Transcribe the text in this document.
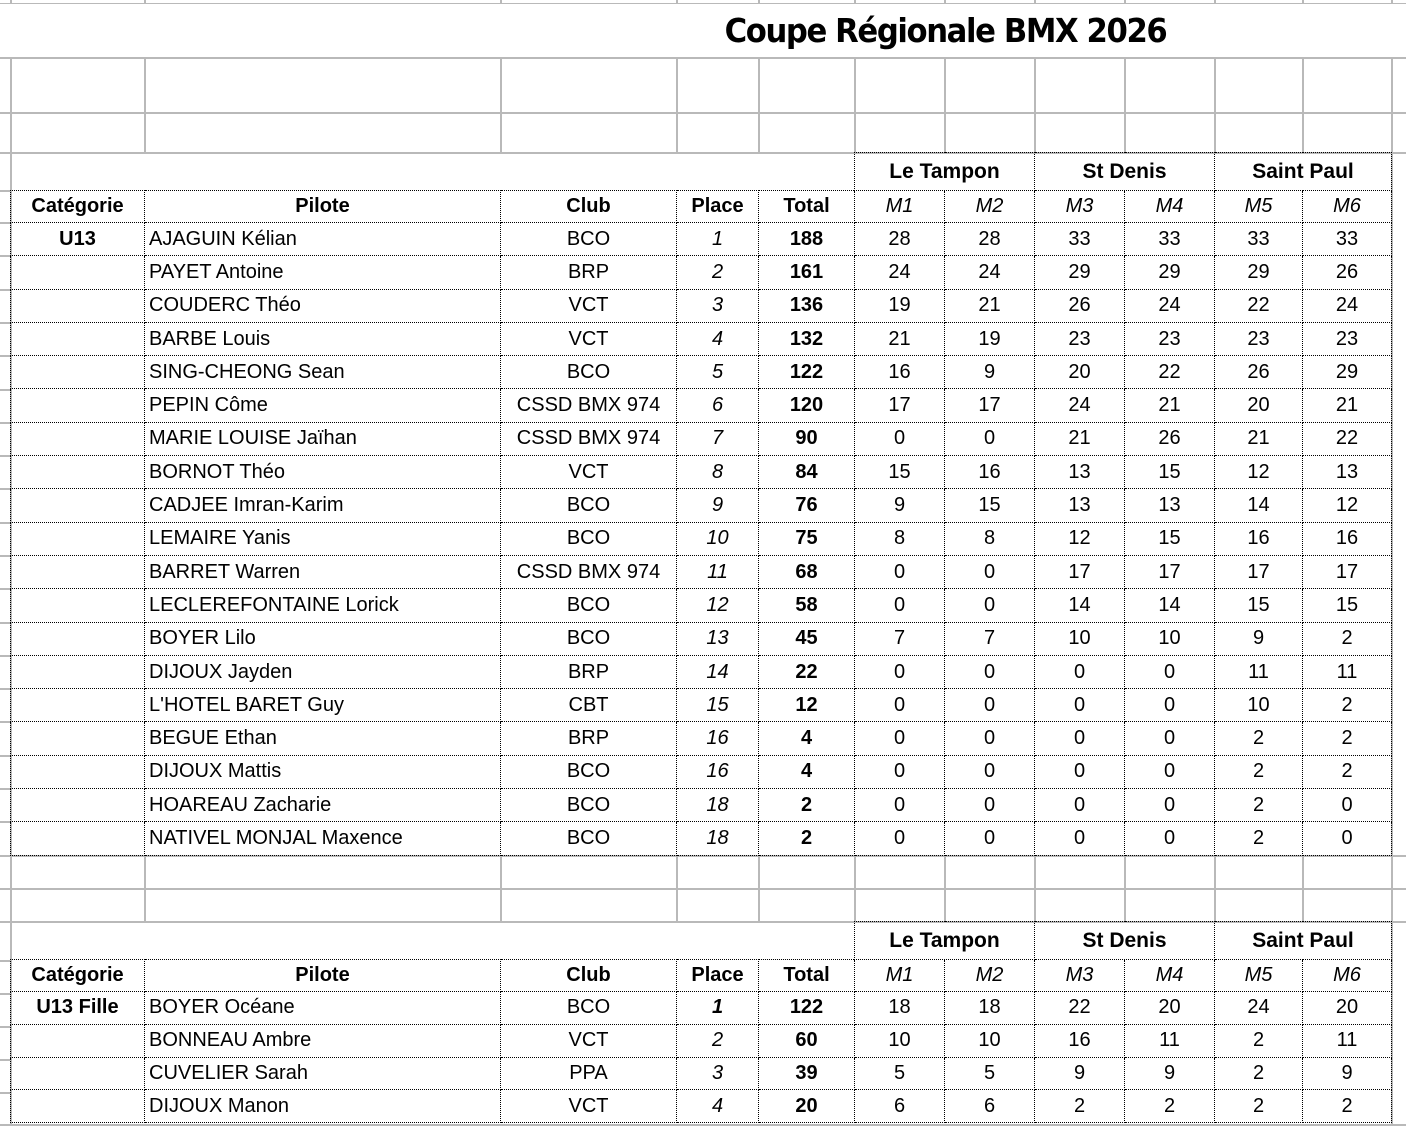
Coupe Régionale BMX 2026
					Le Tampon		St Denis		Saint Paul	
Catégorie	Pilote	Club	Place	Total	M1	M2	M3	M4	M5	M6
U13	AJAGUIN Kélian	BCO	1	188	28	28	33	33	33	33
	PAYET Antoine	BRP	2	161	24	24	29	29	29	26
	COUDERC Théo	VCT	3	136	19	21	26	24	22	24
	BARBE Louis	VCT	4	132	21	19	23	23	23	23
	SING-CHEONG Sean	BCO	5	122	16	9	20	22	26	29
	PEPIN Côme	CSSD BMX 974	6	120	17	17	24	21	20	21
	MARIE LOUISE Jaïhan	CSSD BMX 974	7	90	0	0	21	26	21	22
	BORNOT Théo	VCT	8	84	15	16	13	15	12	13
	CADJEE Imran-Karim	BCO	9	76	9	15	13	13	14	12
	LEMAIRE Yanis	BCO	10	75	8	8	12	15	16	16
	BARRET Warren	CSSD BMX 974	11	68	0	0	17	17	17	17
	LECLEREFONTAINE Lorick	BCO	12	58	0	0	14	14	15	15
	BOYER Lilo	BCO	13	45	7	7	10	10	9	2
	DIJOUX Jayden	BRP	14	22	0	0	0	0	11	11
	L'HOTEL BARET Guy	CBT	15	12	0	0	0	0	10	2
	BEGUE Ethan	BRP	16	4	0	0	0	0	2	2
	DIJOUX Mattis	BCO	16	4	0	0	0	0	2	2
	HOAREAU Zacharie	BCO	18	2	0	0	0	0	2	0
	NATIVEL MONJAL Maxence	BCO	18	2	0	0	0	0	2	0
					Le Tampon		St Denis		Saint Paul	
Catégorie	Pilote	Club	Place	Total	M1	M2	M3	M4	M5	M6
U13 Fille	BOYER Océane	BCO	1	122	18	18	22	20	24	20
	BONNEAU Ambre	VCT	2	60	10	10	16	11	2	11
	CUVELIER Sarah	PPA	3	39	5	5	9	9	2	9
	DIJOUX Manon	VCT	4	20	6	6	2	2	2	2
